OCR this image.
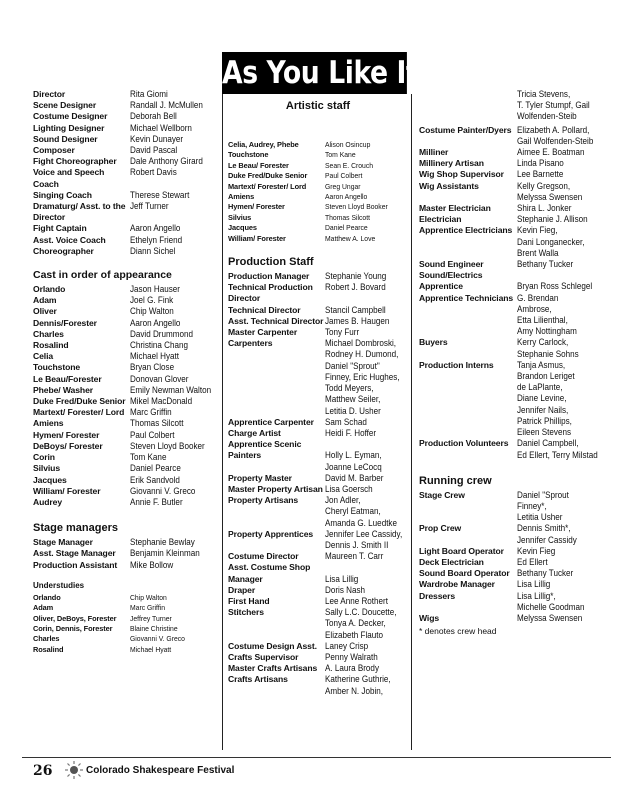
As You Like It
Artistic staff
Director	Rita Giomi
Scene Designer	Randall J. McMullen
Costume Designer	Deborah Bell
Lighting Designer	Michael Wellborn
Sound Designer	Kevin Dunayer
Composer	David Pascal
Fight Choreographer	Dale Anthony Girard
Voice and Speech Coach
Robert Davis
Singing Coach	Therese Stewart
Dramaturg/ Asst. to the Director
Jeff Turner
Fight Captain	Aaron Angello
Asst. Voice Coach	Ethelyn Friend
Choreographer	Diann Sichel
Cast in order of appearance
Orlando	Jason Hauser
Adam	Joel G. Fink
Oliver	Chip Walton
Dennis/Forester	Aaron Angello
Charles	David Drummond
Rosalind	Christina Chang
Celia	Michael Hyatt
Touchstone	Bryan Close
Le Beau/Forester	Donovan Glover
Phebe/ Washer	Emily Newman Walton
Duke Fred/Duke Senior Mikel MacDonald
Martext/ Forester/ Lord Marc Griffin
Amiens	Thomas Silcott
Hymen/ Forester	Paul Colbert
DeBoys/ Forester	Steven Lloyd Booker
Corin	Tom Kane
Silvius	Daniel Pearce
Jacques	Erik Sandvold
William/ Forester	Giovanni V. Greco
Audrey	Annie F. Butler
Stage managers
Stage Manager	Stephanie Bewlay
Asst. Stage Manager	Benjamin Kleinman
Production Assistant	Mike Bollow
Understudies
Orlando	Chip Walton
Adam	Marc Griffin
Oliver, DeBoys, Forester	Jeffrey Turner
Corin, Dennis, Forester	Blaine Christine
Charles	Giovanni V. Greco
Rosalind	Michael Hyatt
Celia, Audrey, Phebe	Alison Osincup
Touchstone	Tom Kane
Le Beau/ Forester	Sean E. Crouch
Duke Fred/Duke Senior	Paul Colbert
Martext/ Forester/ Lord	Greg Ungar
Amiens	Aaron Angello
Hymen/ Forester	Steven Lloyd Booker
Silvius	Thomas Silcott
Jacques	Daniel Pearce
William/ Forester	Matthew A. Love
Production Staff
Production Manager	Stephanie Young
Technical Production Director
Robert J. Bovard
Technical Director	Stancil Campbell
Asst. Technical Director James B. Haugen
Master Carpenter	Tony Furr
Carpenters	Michael Dombroski,
Rodney H. Dumond,
Daniel "Sprout"
Finney, Eric Hughes,
Todd Meyers,
Matthew Seiler,
Letitia D. Usher
Apprentice Carpenter	Sam Schad
Charge Artist	Heidi F. Hoffer
Apprentice Scenic Painters	
Holly L. Eyman,
Joanne LeCocq
Property Master	David M. Barber
Master Property Artisan Lisa Goersch
Property Artisans	Jon Adler,
Cheryl Eatman,
Amanda G. Luedtke
Property Apprentices	Jennifer Lee Cassidy,
Dennis J. Smith II
Costume Director	Maureen T. Carr
Asst. Costume Shop Manager	
Lisa Lillig
Draper	Doris Nash
First Hand	Lee Anne Rothert
Stitchers	Sally L.C. Doucette,
Tonya A. Decker,
Elizabeth Flauto
Costume Design Asst. Laney Crisp
Crafts Supervisor	Penny Walrath
Master Crafts Artisans A. Laura Brody
Crafts Artisans	Katherine Guthrie,
Amber N. Jobin,
Tricia Stevens,
T. Tyler Stumpf, Gail
Wolfenden-Steib
Costume Painter/Dyers Elizabeth A. Pollard,
Gail Wolfenden-Steib
Milliner	Aimee E. Boatman
Millinery Artisan	Linda Pisano
Wig Shop Supervisor	Lee Barnette
Wig Assistants	Kelly Gregson,
Melyssa Swensen
Master Electrician	Shira L. Jonker
Electrician	Stephanie J. Allison
Apprentice Electricians Kevin Fieg,
Dani Longanecker,
Brent Walla
Sound Engineer	Bethany Tucker
Sound/Electrics Apprentice	
Bryan Ross Schlegel
Apprentice Technicians G. Brendan
Ambrose,
Etta Lilienthal,
Amy Nottingham
Buyers	Kerry Carlock,
Stephanie Sohns
Production Interns	Tanja Asmus,
Brandon Leriget
de LaPlante,
Diane Levine,
Jennifer Nails,
Patrick Phillips,
Eileen Stevens
Production Volunteers Daniel Campbell,
Ed Ellert, Terry Milstad
Running crew
Stage Crew	Daniel "Sprout
Finney*,
Letitia Usher
Prop Crew	Dennis Smith*,
Jennifer Cassidy
Light Board Operator	Kevin Fieg
Deck Electrician	Ed Ellert
Sound Board Operator Bethany Tucker
Wardrobe Manager	Lisa Lillig
Dressers	Lisa Lillig*,
Michelle Goodman
Wigs	Melyssa Swensen
* denotes crew head
26	Colorado Shakespeare Festival
